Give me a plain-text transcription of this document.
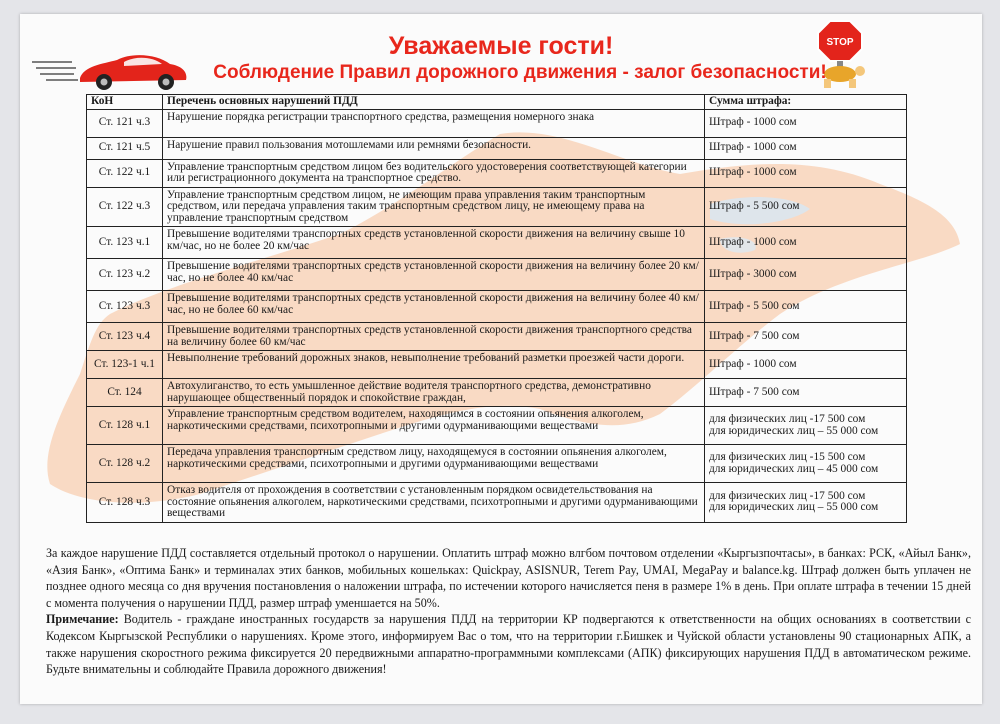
STOP
Уважаемые гости!
Соблюдение Правил дорожного движения - залог безопасности!
КоН	Перечень основных нарушений ПДД	Сумма штрафа:
Ст. 121 ч.3	Нарушение порядка регистрации транспортного средства, размещения номерного знака	Штраф - 1000 сом

Ст. 121 ч.5	Нарушение правил пользования мотошлемами или ремнями безопасности.	Штраф - 1000 сом

Ст. 122 ч.1	Управление транспортным средством лицом без водительского удостоверения соответствующей категории или регистрационного документа на транспортное средство.	Штраф - 1000 сом

Ст. 122 ч.3	Управление транспортным средством лицом, не имеющим права управления таким транспортным средством, или передача управления таким транспортным средством лицу, не имеющему права на управление транспортным средством	Штраф - 5 500 сом

Ст. 123 ч.1	Превышение водителями транспортных средств установленной скорости движения на величину свыше 10 км/час, но не более 20 км/час	Штраф - 1000 сом

Ст. 123 ч.2	Превышение водителями транспортных средств установленной скорости движения на величину более 20 км/час, но не более 40 км/час	Штраф - 3000 сом

Ст. 123 ч.3	Превышение водителями транспортных средств установленной скорости движения на величину более 40 км/час, но не более 60 км/час	Штраф - 5 500 сом

Ст. 123 ч.4	Превышение водителями транспортных средств установленной скорости движения транспортного средства на величину более 60 км/час	Штраф - 7 500 сом

Ст. 123-1 ч.1	Невыполнение требований дорожных знаков, невыполнение требований разметки проезжей части дороги.	Штраф - 1000 сом

Ст. 124	Автохулиганство, то есть умышленное действие водителя транспортного средства, демонстративно нарушающее общественный порядок и спокойствие граждан,	Штраф - 7 500 сом

Ст. 128 ч.1	Управление транспортным средством водителем, находящимся в состоянии опьянения алкоголем, наркотическими средствами, психотропными и другими одурманивающими веществами	для физических лиц -17 500 сом
для юридических лиц – 55 000 сом

Ст. 128 ч.2	Передача управления транспортным средством лицу, находящемуся в состоянии опьянения алкоголем, наркотическими средствами, психотропными и другими одурманивающими веществами	для физических лиц -15 500 сом
для юридических лиц – 45 000 сом

Ст. 128 ч.3	Отказ водителя от прохождения в соответствии с установленным порядком освидетельствования на состояние опьянения алкоголем, наркотическими средствами, психотропными и другими одурманивающими веществами	для физических лиц -17 500 сом
для юридических лиц – 55 000 сом
За каждое нарушение ПДД составляется отдельный протокол о нарушении. Оплатить штраф можно влгбом почтовом отделении «Кыргызпочтасы», в банках: РСК, «Айыл Банк», «Азия Банк», «Оптима Банк» и терминалах этих банков, мобильных кошельках: Quickpay, ASISNUR, Terem Pay, UMAI, MegaPay и balance.kg. Штраф должен быть уплачен не позднее одного месяца со дня вручения постановления о наложении штрафа, по истечении которого начисляется пеня в размере 1% в день. При оплате штрафа в течении 15 дней с момента получения о нарушении ПДД, размер штраф уменшается на 50%.
Примечание: Водитель - граждане иностранных государств за нарушения ПДД на территории КР подвергаются к ответственности на общих основаниях в соответствии с Кодексом Кыргызской Республики о нарушениях. Кроме этого, информируем Вас о том, что на территории г.Бишкек и Чуйской области установлены 90 стационарных АПК, а также нарушения скоростного режима фиксируется 20 передвижными аппаратно-программными комплексами (АПК) фиксирующих нарушения ПДД в автоматическом режиме. Будьте внимательны и соблюдайте Правила дорожного движения!
